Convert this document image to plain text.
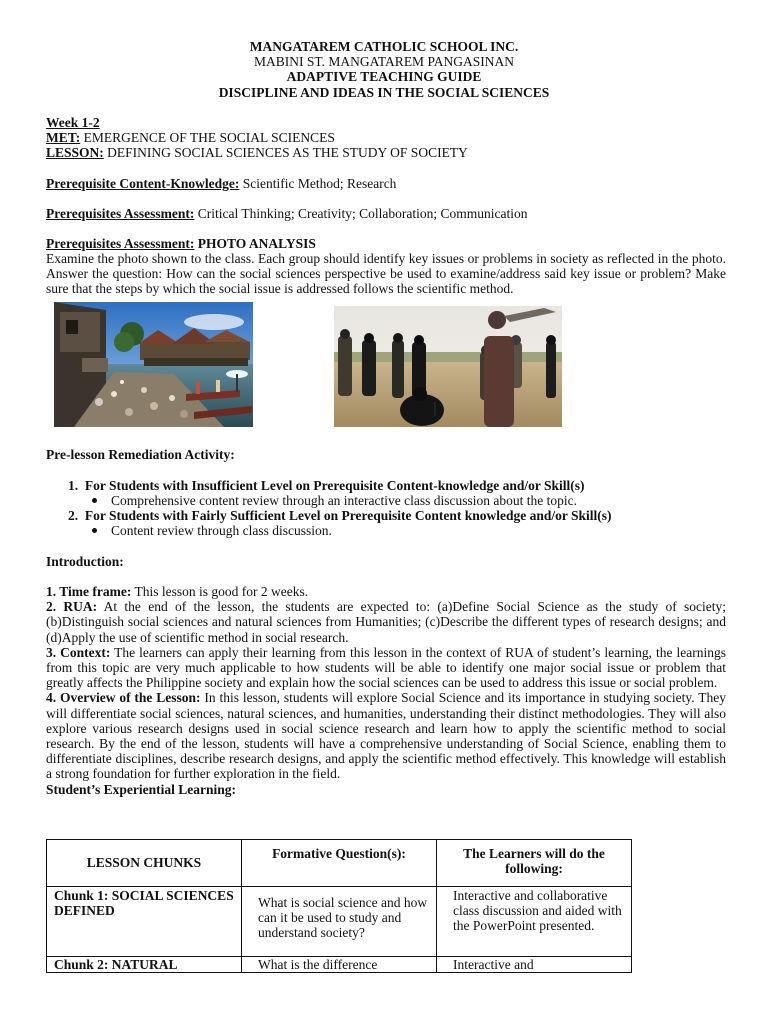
MANGATAREM CATHOLIC SCHOOL INC.
MABINI ST. MANGATAREM PANGASINAN
ADAPTIVE TEACHING GUIDE
DISCIPLINE AND IDEAS IN THE SOCIAL SCIENCES
Week 1-2
MET: EMERGENCE OF THE SOCIAL SCIENCES
LESSON: DEFINING SOCIAL SCIENCES AS THE STUDY OF SOCIETY
Prerequisite Content-Knowledge: Scientific Method; Research
Prerequisites Assessment: Critical Thinking; Creativity; Collaboration; Communication
Prerequisites Assessment: PHOTO ANALYSIS
Examine the photo shown to the class. Each group should identify key issues or problems in society as reflected in the photo. Answer the question: How can the social sciences perspective be used to examine/address said key issue or problem? Make sure that the steps by which the social issue is addressed follows the scientific method.
Pre-lesson Remediation Activity:
1. For Students with Insufficient Level on Prerequisite Content-knowledge and/or Skill(s)
Comprehensive content review through an interactive class discussion about the topic.
2. For Students with Fairly Sufficient Level on Prerequisite Content knowledge and/or Skill(s)
Content review through class discussion.
Introduction:
1. Time frame: This lesson is good for 2 weeks.
2. RUA: At the end of the lesson, the students are expected to: (a)Define Social Science as the study of society; (b)Distinguish social sciences and natural sciences from Humanities; (c)Describe the different types of research designs; and (d)Apply the use of scientific method in social research.
3. Context: The learners can apply their learning from this lesson in the context of RUA of student’s learning, the learnings from this topic are very much applicable to how students will be able to identify one major social issue or problem that greatly affects the Philippine society and explain how the social sciences can be used to address this issue or social problem.
4. Overview of the Lesson: In this lesson, students will explore Social Science and its importance in studying society. They will differentiate social sciences, natural sciences, and humanities, understanding their distinct methodologies. They will also explore various research designs used in social science research and learn how to apply the scientific method to social research. By the end of the lesson, students will have a comprehensive understanding of Social Science, enabling them to differentiate disciplines, describe research designs, and apply the scientific method effectively. This knowledge will establish a strong foundation for further exploration in the field.
Student’s Experiential Learning:
LESSON CHUNKS	Formative Question(s):	The Learners will do the following:
Chunk 1: SOCIAL SCIENCES DEFINED	What is social science and how can it be used to study and understand society?	Interactive and collaborative class discussion and aided with the PowerPoint presented.
Chunk 2: NATURAL	What is the difference	Interactive and
